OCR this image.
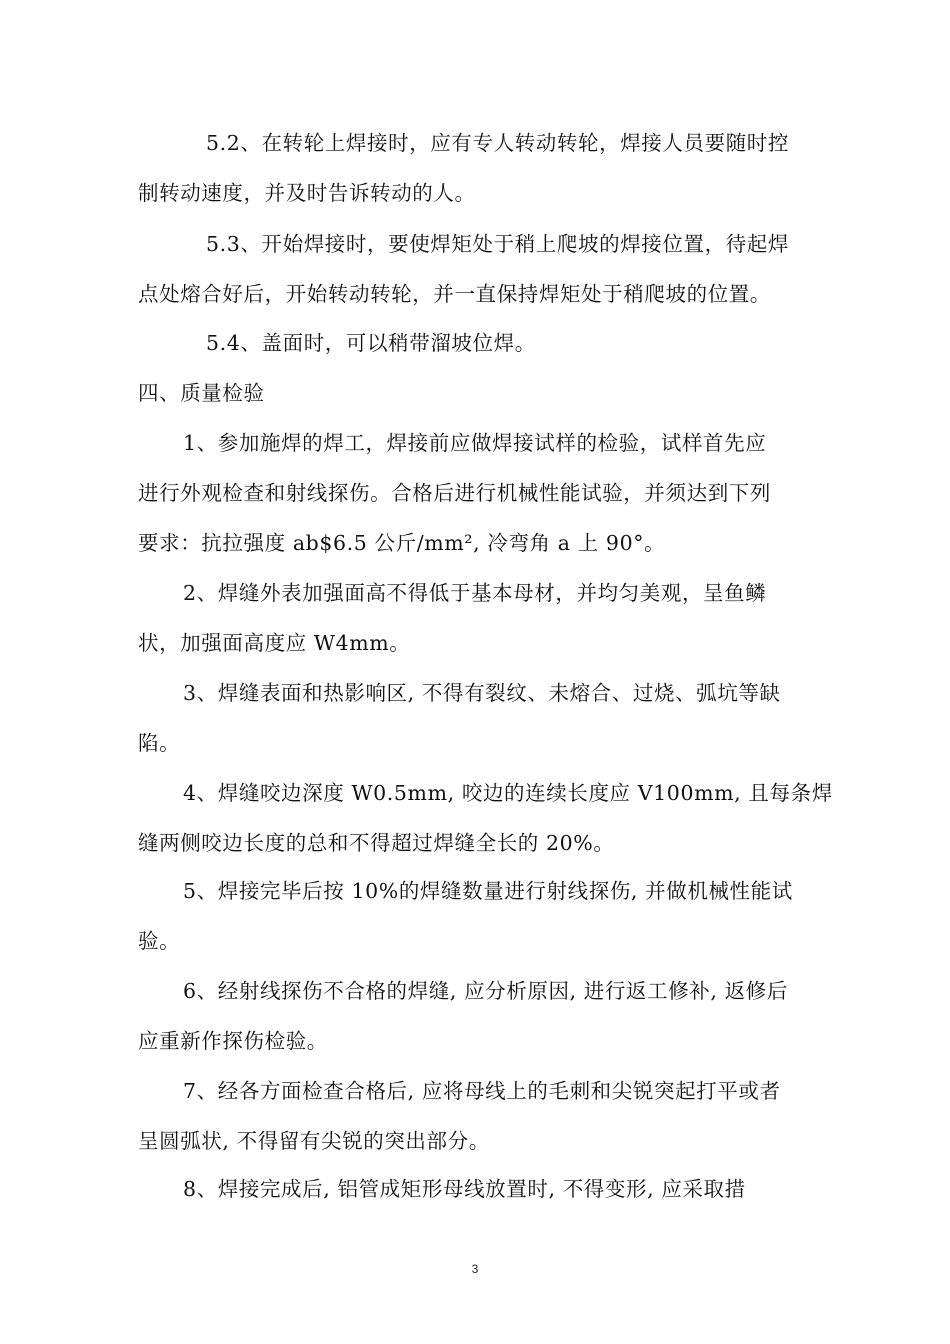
5.2、在转轮上焊接时，应有专人转动转轮，焊接人员要随时控
制转动速度，并及时告诉转动的人。
5.3、开始焊接时，要使焊矩处于稍上爬坡的焊接位置，待起焊
点处熔合好后，开始转动转轮，并一直保持焊矩处于稍爬坡的位置。
5.4、盖面时，可以稍带溜坡位焊。
四、质量检验
1、参加施焊的焊工，焊接前应做焊接试样的检验，试样首先应
进行外观检查和射线探伤。合格后进行机械性能试验，并须达到下列
要求：抗拉强度 ab$6.5 公斤/mm², 冷弯角 a 上 90°。
2、焊缝外表加强面高不得低于基本母材，并均匀美观，呈鱼鳞
状，加强面高度应 W4mm。
3、焊缝表面和热影响区, 不得有裂纹、未熔合、过烧、弧坑等缺
陷。
4、焊缝咬边深度 W0.5mm, 咬边的连续长度应 V100mm, 且每条焊
缝两侧咬边长度的总和不得超过焊缝全长的 20%。
5、焊接完毕后按 10%的焊缝数量进行射线探伤, 并做机械性能试
验。
6、经射线探伤不合格的焊缝, 应分析原因, 进行返工修补, 返修后
应重新作探伤检验。
7、经各方面检查合格后, 应将母线上的毛刺和尖锐突起打平或者
呈圆弧状, 不得留有尖锐的突出部分。
8、焊接完成后, 铝管成矩形母线放置时, 不得变形, 应采取措
3
